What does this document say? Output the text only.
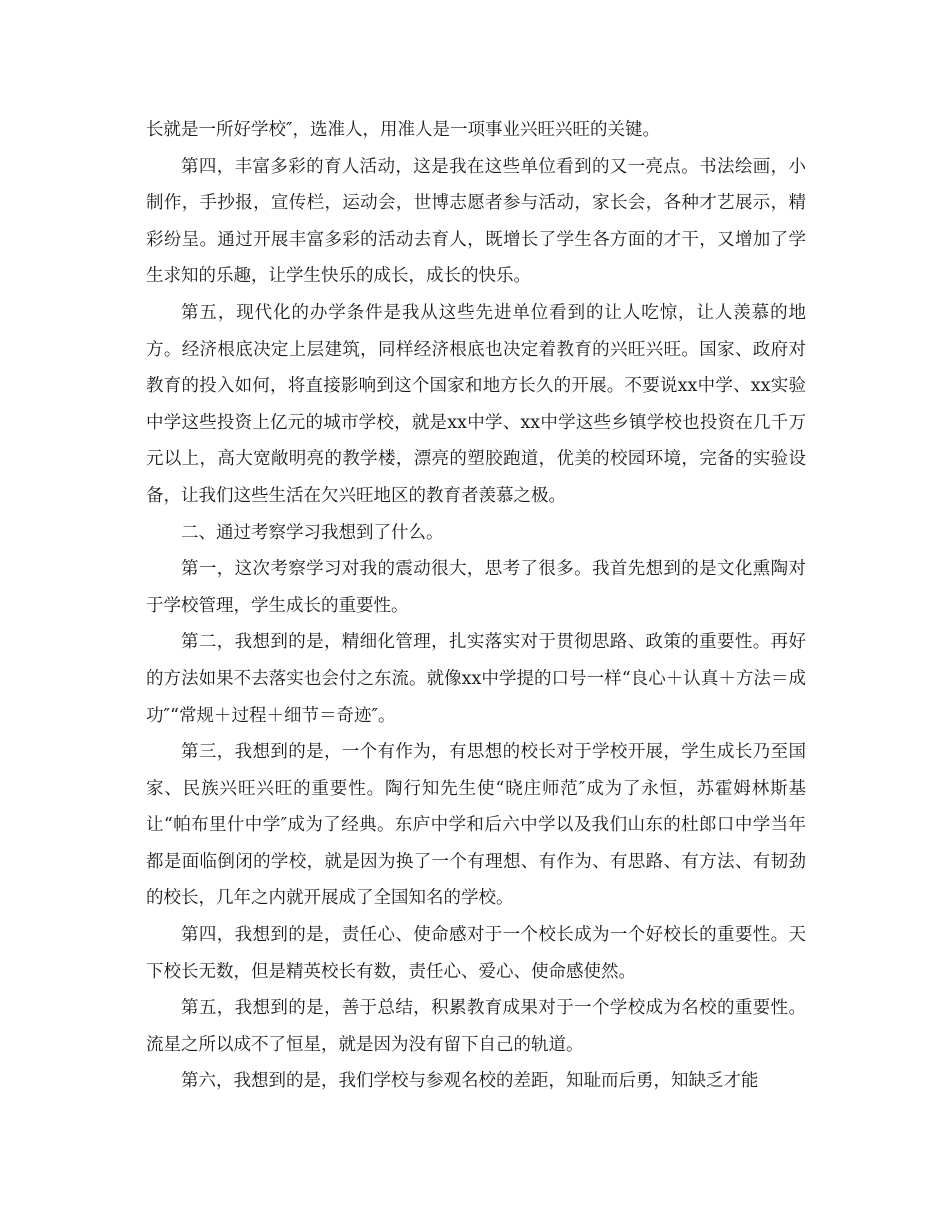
长就是一所好学校″，选准人，用准人是一项事业兴旺兴旺的关键。

第四，丰富多彩的育人活动，这是我在这些单位看到的又一亮点。书法绘画，小制作，手抄报，宣传栏，运动会，世博志愿者参与活动，家长会，各种才艺展示，精彩纷呈。通过开展丰富多彩的活动去育人，既增长了学生各方面的才干，又增加了学生求知的乐趣，让学生快乐的成长，成长的快乐。

第五，现代化的办学条件是我从这些先进单位看到的让人吃惊，让人羡慕的地方。经济根底决定上层建筑，同样经济根底也决定着教育的兴旺兴旺。国家、政府对教育的投入如何，将直接影响到这个国家和地方长久的开展。不要说xx中学、xx实验中学这些投资上亿元的城市学校，就是xx中学、xx中学这些乡镇学校也投资在几千万元以上，高大宽敞明亮的教学楼，漂亮的塑胶跑道，优美的校园环境，完备的实验设备，让我们这些生活在欠兴旺地区的教育者羡慕之极。

二、通过考察学习我想到了什么。

第一，这次考察学习对我的震动很大，思考了很多。我首先想到的是文化熏陶对于学校管理，学生成长的重要性。

第二，我想到的是，精细化管理，扎实落实对于贯彻思路、政策的重要性。再好的方法如果不去落实也会付之东流。就像xx中学提的口号一样“良心＋认真＋方法＝成功″“常规＋过程＋细节＝奇迹″。

第三，我想到的是，一个有作为，有思想的校长对于学校开展，学生成长乃至国家、民族兴旺兴旺的重要性。陶行知先生使“晓庄师范″成为了永恒，苏霍姆林斯基让“帕布里什中学″成为了经典。东庐中学和后六中学以及我们山东的杜郎口中学当年都是面临倒闭的学校，就是因为换了一个有理想、有作为、有思路、有方法、有韧劲的校长，几年之内就开展成了全国知名的学校。

第四，我想到的是，责任心、使命感对于一个校长成为一个好校长的重要性。天下校长无数，但是精英校长有数，责任心、爱心、使命感使然。

第五，我想到的是，善于总结，积累教育成果对于一个学校成为名校的重要性。流星之所以成不了恒星，就是因为没有留下自己的轨道。

第六，我想到的是，我们学校与参观名校的差距，知耻而后勇，知缺乏才能
